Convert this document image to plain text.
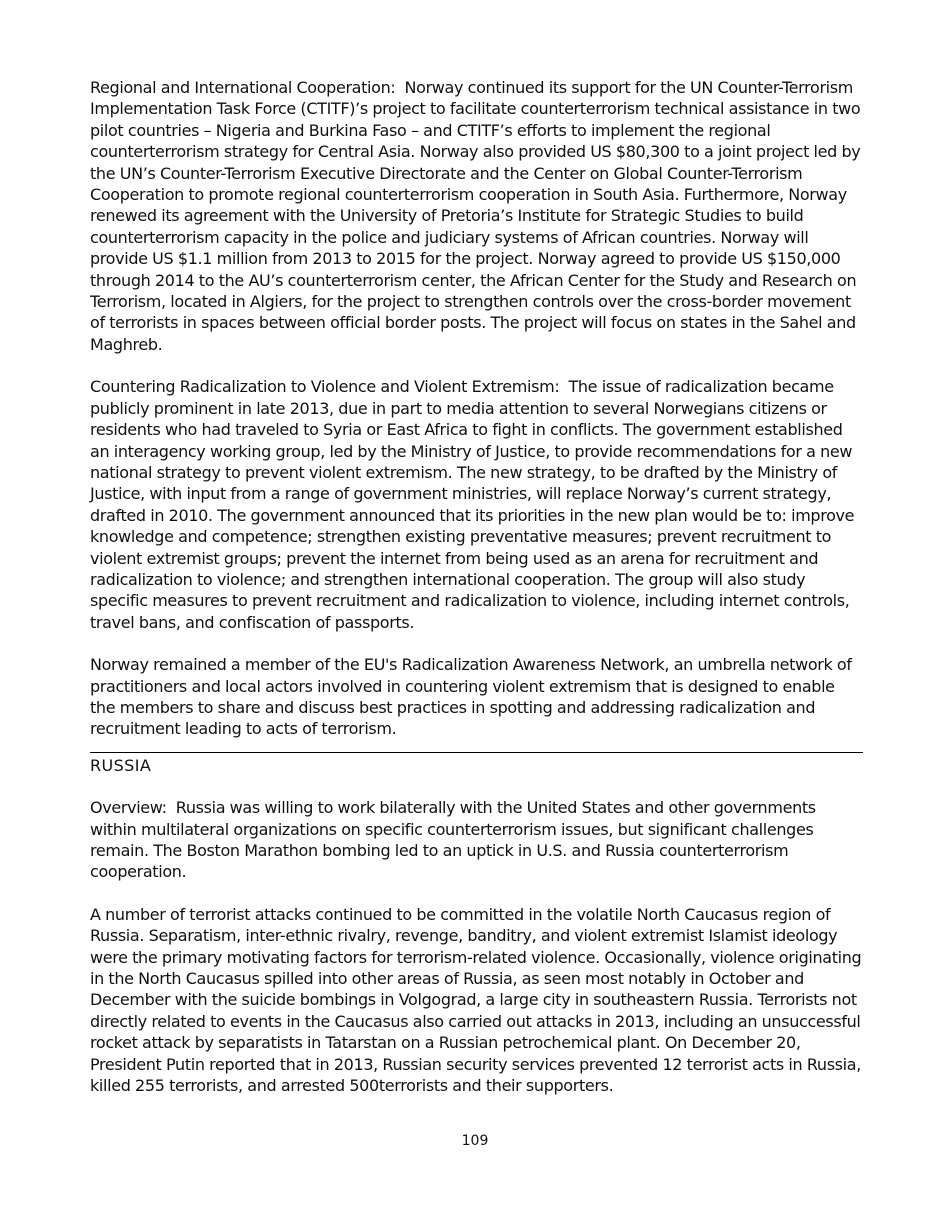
Regional and International Cooperation: Norway continued its support for the UN Counter-Terrorism Implementation Task Force (CTITF)’s project to facilitate counterterrorism technical assistance in two pilot countries – Nigeria and Burkina Faso – and CTITF’s efforts to implement the regional counterterrorism strategy for Central Asia. Norway also provided US $80,300 to a joint project led by the UN’s Counter-Terrorism Executive Directorate and the Center on Global Counter-Terrorism Cooperation to promote regional counterterrorism cooperation in South Asia. Furthermore, Norway renewed its agreement with the University of Pretoria’s Institute for Strategic Studies to build counterterrorism capacity in the police and judiciary systems of African countries. Norway will provide US $1.1 million from 2013 to 2015 for the project. Norway agreed to provide US $150,000 through 2014 to the AU’s counterterrorism center, the African Center for the Study and Research on Terrorism, located in Algiers, for the project to strengthen controls over the cross-border movement of terrorists in spaces between official border posts. The project will focus on states in the Sahel and Maghreb.

Countering Radicalization to Violence and Violent Extremism: The issue of radicalization became publicly prominent in late 2013, due in part to media attention to several Norwegians citizens or residents who had traveled to Syria or East Africa to fight in conflicts. The government established an interagency working group, led by the Ministry of Justice, to provide recommendations for a new national strategy to prevent violent extremism. The new strategy, to be drafted by the Ministry of Justice, with input from a range of government ministries, will replace Norway’s current strategy, drafted in 2010. The government announced that its priorities in the new plan would be to: improve knowledge and competence; strengthen existing preventative measures; prevent recruitment to violent extremist groups; prevent the internet from being used as an arena for recruitment and radicalization to violence; and strengthen international cooperation. The group will also study specific measures to prevent recruitment and radicalization to violence, including internet controls, travel bans, and confiscation of passports.

Norway remained a member of the EU's Radicalization Awareness Network, an umbrella network of practitioners and local actors involved in countering violent extremism that is designed to enable the members to share and discuss best practices in spotting and addressing radicalization and recruitment leading to acts of terrorism.

RUSSIA

Overview: Russia was willing to work bilaterally with the United States and other governments within multilateral organizations on specific counterterrorism issues, but significant challenges remain. The Boston Marathon bombing led to an uptick in U.S. and Russia counterterrorism cooperation.

A number of terrorist attacks continued to be committed in the volatile North Caucasus region of Russia. Separatism, inter-ethnic rivalry, revenge, banditry, and violent extremist Islamist ideology were the primary motivating factors for terrorism-related violence. Occasionally, violence originating in the North Caucasus spilled into other areas of Russia, as seen most notably in October and December with the suicide bombings in Volgograd, a large city in southeastern Russia. Terrorists not directly related to events in the Caucasus also carried out attacks in 2013, including an unsuccessful rocket attack by separatists in Tatarstan on a Russian petrochemical plant. On December 20, President Putin reported that in 2013, Russian security services prevented 12 terrorist acts in Russia, killed 255 terrorists, and arrested 500terrorists and their supporters.

109
